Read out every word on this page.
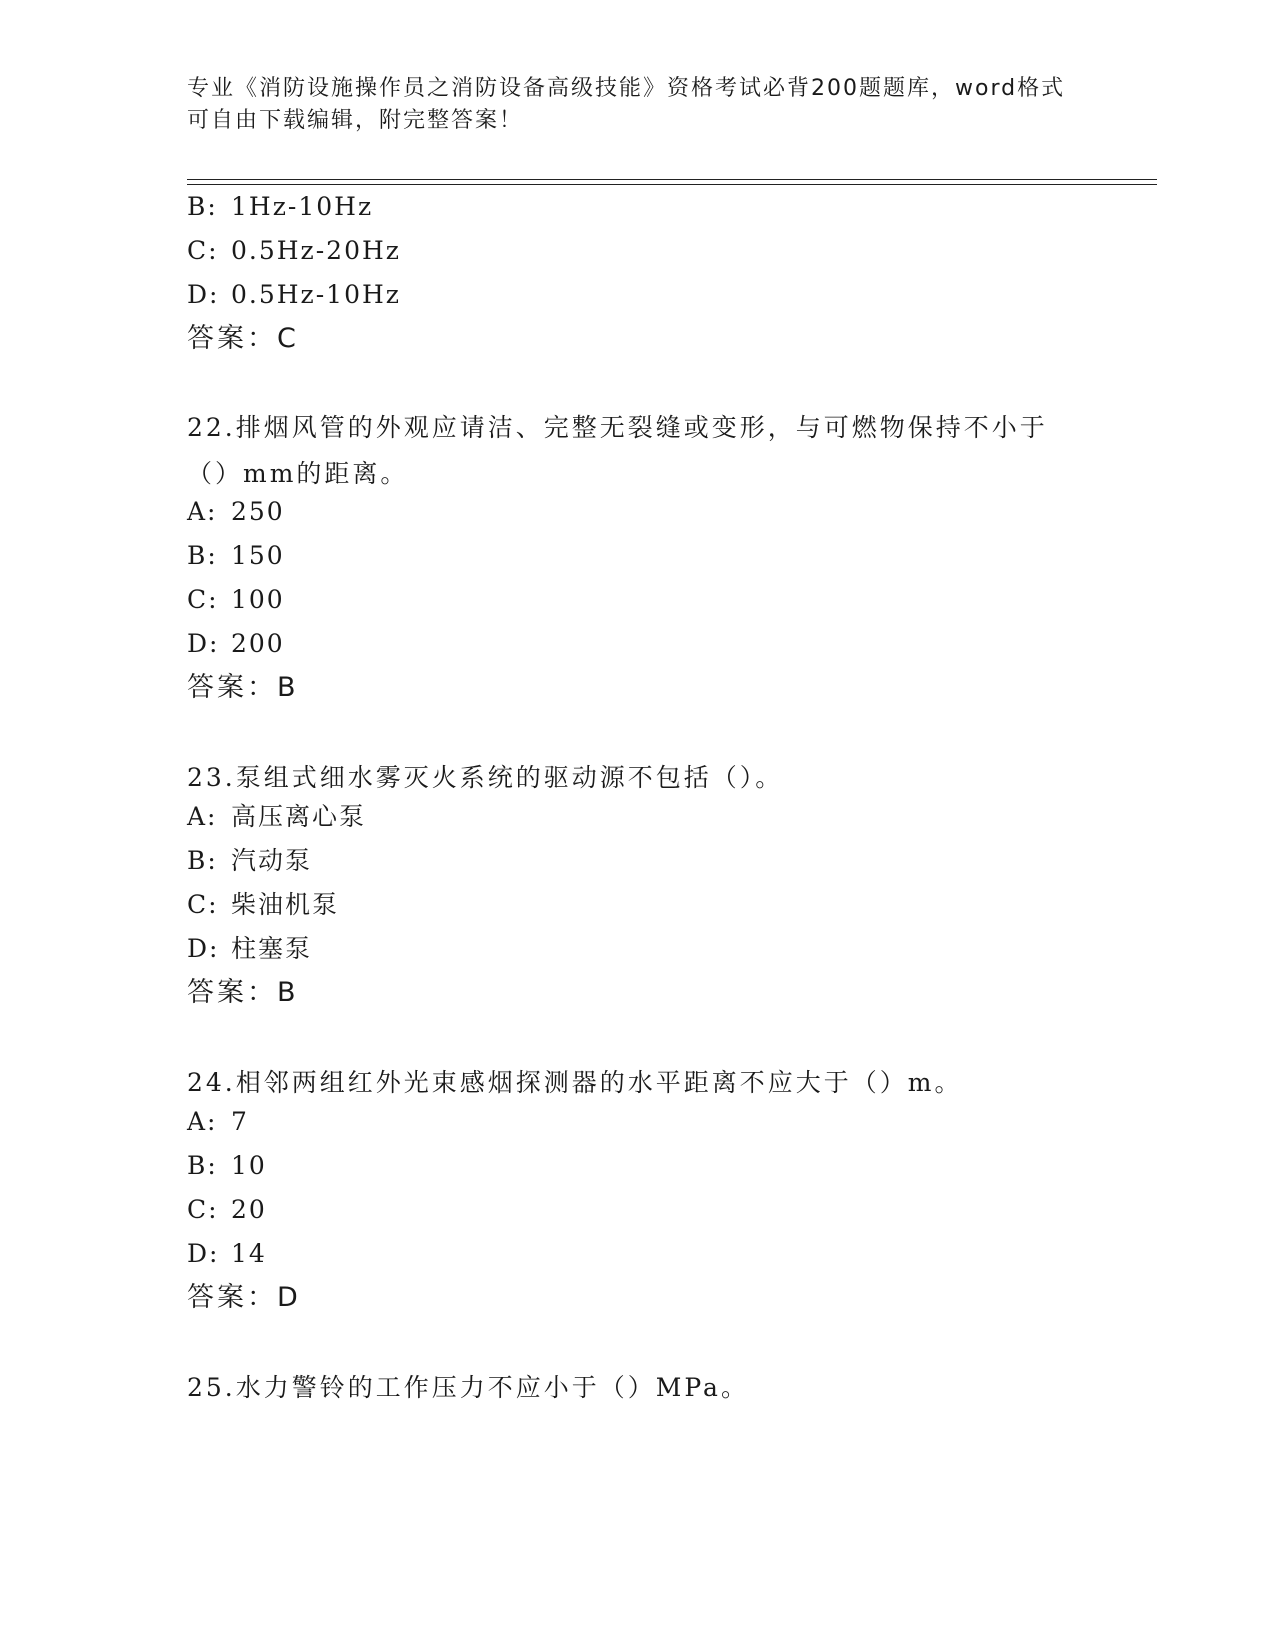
专业《消防设施操作员之消防设备高级技能》资格考试必背200题题库，word格式可自由下载编辑，附完整答案！
B: 1Hz-10Hz
C: 0.5Hz-20Hz
D: 0.5Hz-10Hz
答案：C
22.排烟风管的外观应请洁、完整无裂缝或变形，与可燃物保持不小于（）mm的距离。
A: 250
B: 150
C: 100
D: 200
答案：B
23.泵组式细水雾灭火系统的驱动源不包括（）。
A: 高压离心泵
B: 汽动泵
C: 柴油机泵
D: 柱塞泵
答案：B
24.相邻两组红外光束感烟探测器的水平距离不应大于（）m。
A: 7
B: 10
C: 20
D: 14
答案：D
25.水力警铃的工作压力不应小于（）MPa。
